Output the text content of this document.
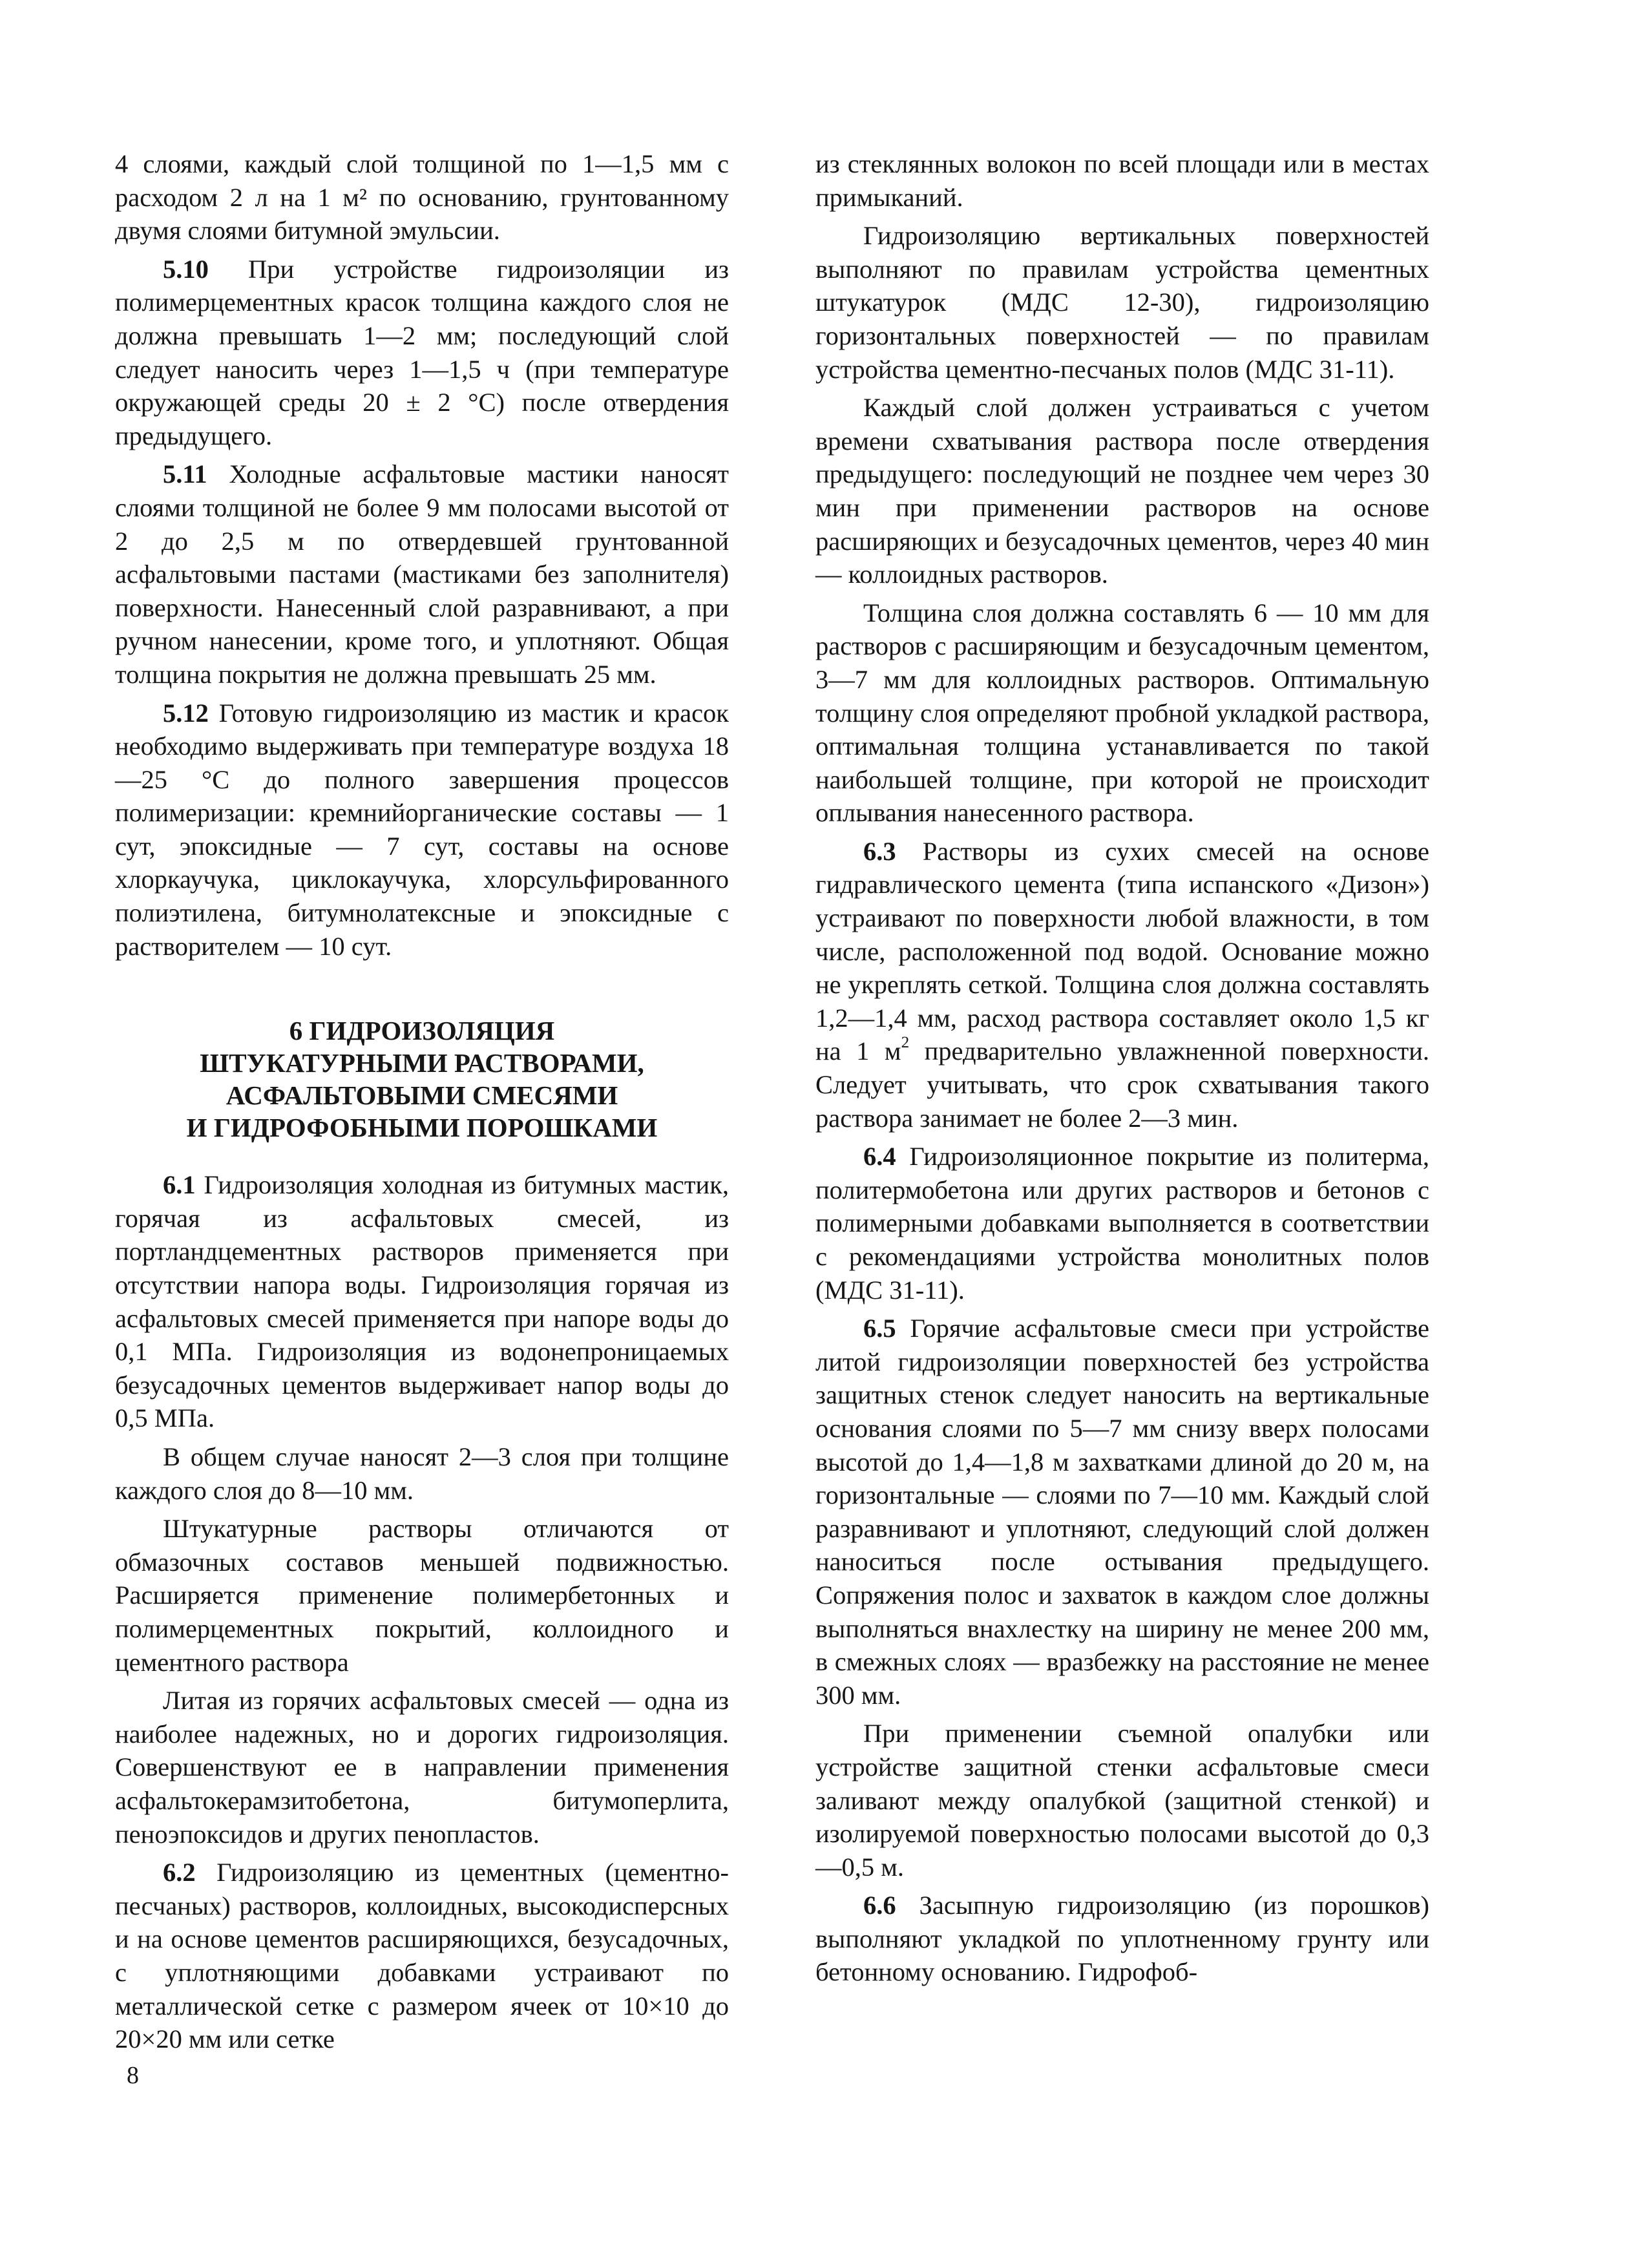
4 слоями, каждый слой толщиной по 1—1,5 мм с расходом 2 л на 1 м² по основанию, грунтованному двумя слоями битумной эмульсии.

5.10 При устройстве гидроизоляции из полимерцементных красок толщина каждого слоя не должна превышать 1—2 мм; последующий слой следует наносить через 1—1,5 ч (при температуре окружающей среды 20 ± 2 °С) после отвердения предыдущего.

5.11 Холодные асфальтовые мастики наносят слоями толщиной не более 9 мм полосами высотой от 2 до 2,5 м по отвердевшей грунтованной асфальтовыми пастами (мастиками без заполнителя) поверхности. Нанесенный слой разравнивают, а при ручном нанесении, кроме того, и уплотняют. Общая толщина покрытия не должна превышать 25 мм.

5.12 Готовую гидроизоляцию из мастик и красок необходимо выдерживать при температуре воздуха 18—25 °С до полного завершения процессов полимеризации: кремнийорганические составы — 1 сут, эпоксидные — 7 сут, составы на основе хлоркаучука, циклокаучука, хлорсульфированного полиэтилена, битумнолатексные и эпоксидные с растворителем — 10 сут.

6 ГИДРОИЗОЛЯЦИЯ
ШТУКАТУРНЫМИ РАСТВОРАМИ,
АСФАЛЬТОВЫМИ СМЕСЯМИ
И ГИДРОФОБНЫМИ ПОРОШКАМИ

6.1 Гидроизоляция холодная из битумных мастик, горячая из асфальтовых смесей, из портландцементных растворов применяется при отсутствии напора воды. Гидроизоляция горячая из асфальтовых смесей применяется при напоре воды до 0,1 МПа. Гидроизоляция из водонепроницаемых безусадочных цементов выдерживает напор воды до 0,5 МПа.

В общем случае наносят 2—3 слоя при толщине каждого слоя до 8—10 мм.

Штукатурные растворы отличаются от обмазочных составов меньшей подвижностью. Расширяется применение полимербетонных и полимерцементных покрытий, коллоидного и цементного раствора

Литая из горячих асфальтовых смесей — одна из наиболее надежных, но и дорогих гидроизоляция. Совершенствуют ее в направлении применения асфальтокерамзитобетона, битумоперлита, пеноэпоксидов и других пенопластов.

6.2 Гидроизоляцию из цементных (цементно-песчаных) растворов, коллоидных, высокодисперсных и на основе цементов расширяющихся, безусадочных, с уплотняющими добавками устраивают по металлической сетке с размером ячеек от 10×10 до 20×20 мм или сетке

из стеклянных волокон по всей площади или в местах примыканий.

Гидроизоляцию вертикальных поверхностей выполняют по правилам устройства цементных штукатурок (МДС 12-30), гидроизоляцию горизонтальных поверхностей — по правилам устройства цементно-песчаных полов (МДС 31-11).

Каждый слой должен устраиваться с учетом времени схватывания раствора после отвердения предыдущего: последующий не позднее чем через 30 мин при применении растворов на основе расширяющих и безусадочных цементов, через 40 мин — коллоидных растворов.

Толщина слоя должна составлять 6 — 10 мм для растворов с расширяющим и безусадочным цементом, 3—7 мм для коллоидных растворов. Оптимальную толщину слоя определяют пробной укладкой раствора, оптимальная толщина устанавливается по такой наибольшей толщине, при которой не происходит оплывания нанесенного раствора.

6.3 Растворы из сухих смесей на основе гидравлического цемента (типа испанского «Дизон») устраивают по поверхности любой влажности, в том числе, расположенной под водой. Основание можно не укреплять сеткой. Толщина слоя должна составлять 1,2—1,4 мм, расход раствора составляет около 1,5 кг на 1 $м^2$ предварительно увлажненной поверхности. Следует учитывать, что срок схватывания такого раствора занимает не более 2—3 мин.

6.4 Гидроизоляционное покрытие из политерма, политермобетона или других растворов и бетонов с полимерными добавками выполняется в соответствии с рекомендациями устройства монолитных полов (МДС 31-11).

6.5 Горячие асфальтовые смеси при устройстве литой гидроизоляции поверхностей без устройства защитных стенок следует наносить на вертикальные основания слоями по 5—7 мм снизу вверх полосами высотой до 1,4—1,8 м захватками длиной до 20 м, на горизонтальные — слоями по 7—10 мм. Каждый слой разравнивают и уплотняют, следующий слой должен наноситься после остывания предыдущего. Сопряжения полос и захваток в каждом слое должны выполняться внахлестку на ширину не менее 200 мм, в смежных слоях — вразбежку на расстояние не менее 300 мм.

При применении съемной опалубки или устройстве защитной стенки асфальтовые смеси заливают между опалубкой (защитной стенкой) и изолируемой поверхностью полосами высотой до 0,3—0,5 м.

6.6 Засыпную гидроизоляцию (из порошков) выполняют укладкой по уплотненному грунту или бетонному основанию. Гидрофоб-

8
